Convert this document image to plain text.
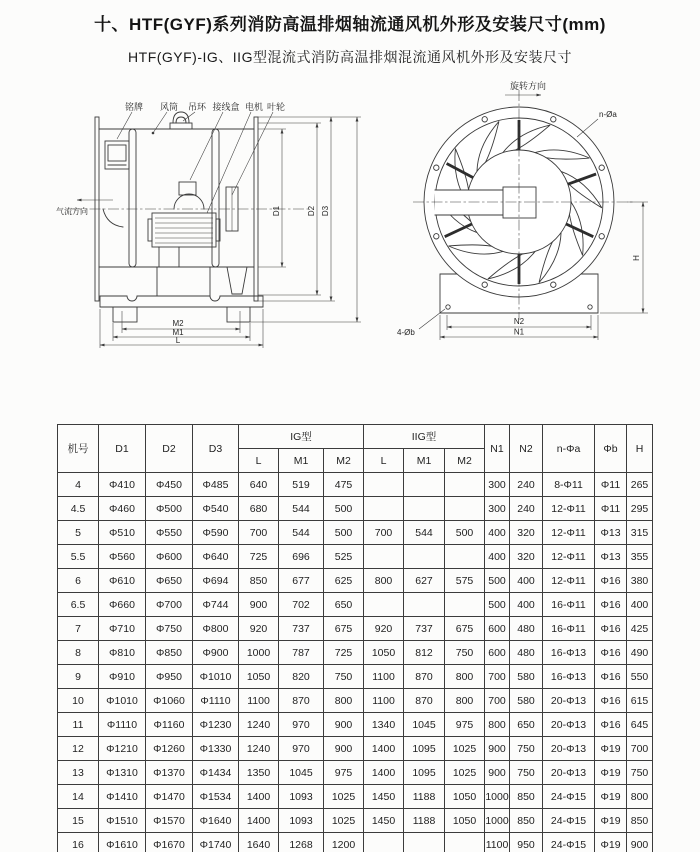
十、HTF(GYF)系列消防高温排烟轴流通风机外形及安装尺寸(mm)
HTF(GYF)-IG、IIG型混流式消防高温排烟混流通风机外形及安装尺寸
铭牌 风筒 吊环 接线盒 电机 叶轮
气流方向	D1	D2 D3
M2
M1
L
旋转方向
n-Øa
4-Øb
N2
N1
H
机号	D1	D2	D3	IG型			IIG型			N1	N2	n-Φa	Φb	H
				L	M1	M2	L	M1	M2					
4	Φ410	Φ450	Φ485	640	519	475				300	240	8-Φ11	Φ11	265
4.5	Φ460	Φ500	Φ540	680	544	500				300	240	12-Φ11	Φ11	295
5	Φ510	Φ550	Φ590	700	544	500	700	544	500	400	320	12-Φ11	Φ13	315
5.5	Φ560	Φ600	Φ640	725	696	525				400	320	12-Φ11	Φ13	355
6	Φ610	Φ650	Φ694	850	677	625	800	627	575	500	400	12-Φ11	Φ16	380
6.5	Φ660	Φ700	Φ744	900	702	650				500	400	16-Φ11	Φ16	400
7	Φ710	Φ750	Φ800	920	737	675	920	737	675	600	480	16-Φ11	Φ16	425
8	Φ810	Φ850	Φ900	1000	787	725	1050	812	750	600	480	16-Φ13	Φ16	490
9	Φ910	Φ950	Φ1010	1050	820	750	1100	870	800	700	580	16-Φ13	Φ16	550
10	Φ1010	Φ1060	Φ1110	1100	870	800	1100	870	800	700	580	20-Φ13	Φ16	615
11	Φ1110	Φ1160	Φ1230	1240	970	900	1340	1045	975	800	650	20-Φ13	Φ16	645
12	Φ1210	Φ1260	Φ1330	1240	970	900	1400	1095	1025	900	750	20-Φ13	Φ19	700
13	Φ1310	Φ1370	Φ1434	1350	1045	975	1400	1095	1025	900	750	20-Φ13	Φ19	750
14	Φ1410	Φ1470	Φ1534	1400	1093	1025	1450	1188	1050	1000	850	24-Φ15	Φ19	800
15	Φ1510	Φ1570	Φ1640	1400	1093	1025	1450	1188	1050	1000	850	24-Φ15	Φ19	850
16	Φ1610	Φ1670	Φ1740	1640	1268	1200				1100	950	24-Φ15	Φ19	900
